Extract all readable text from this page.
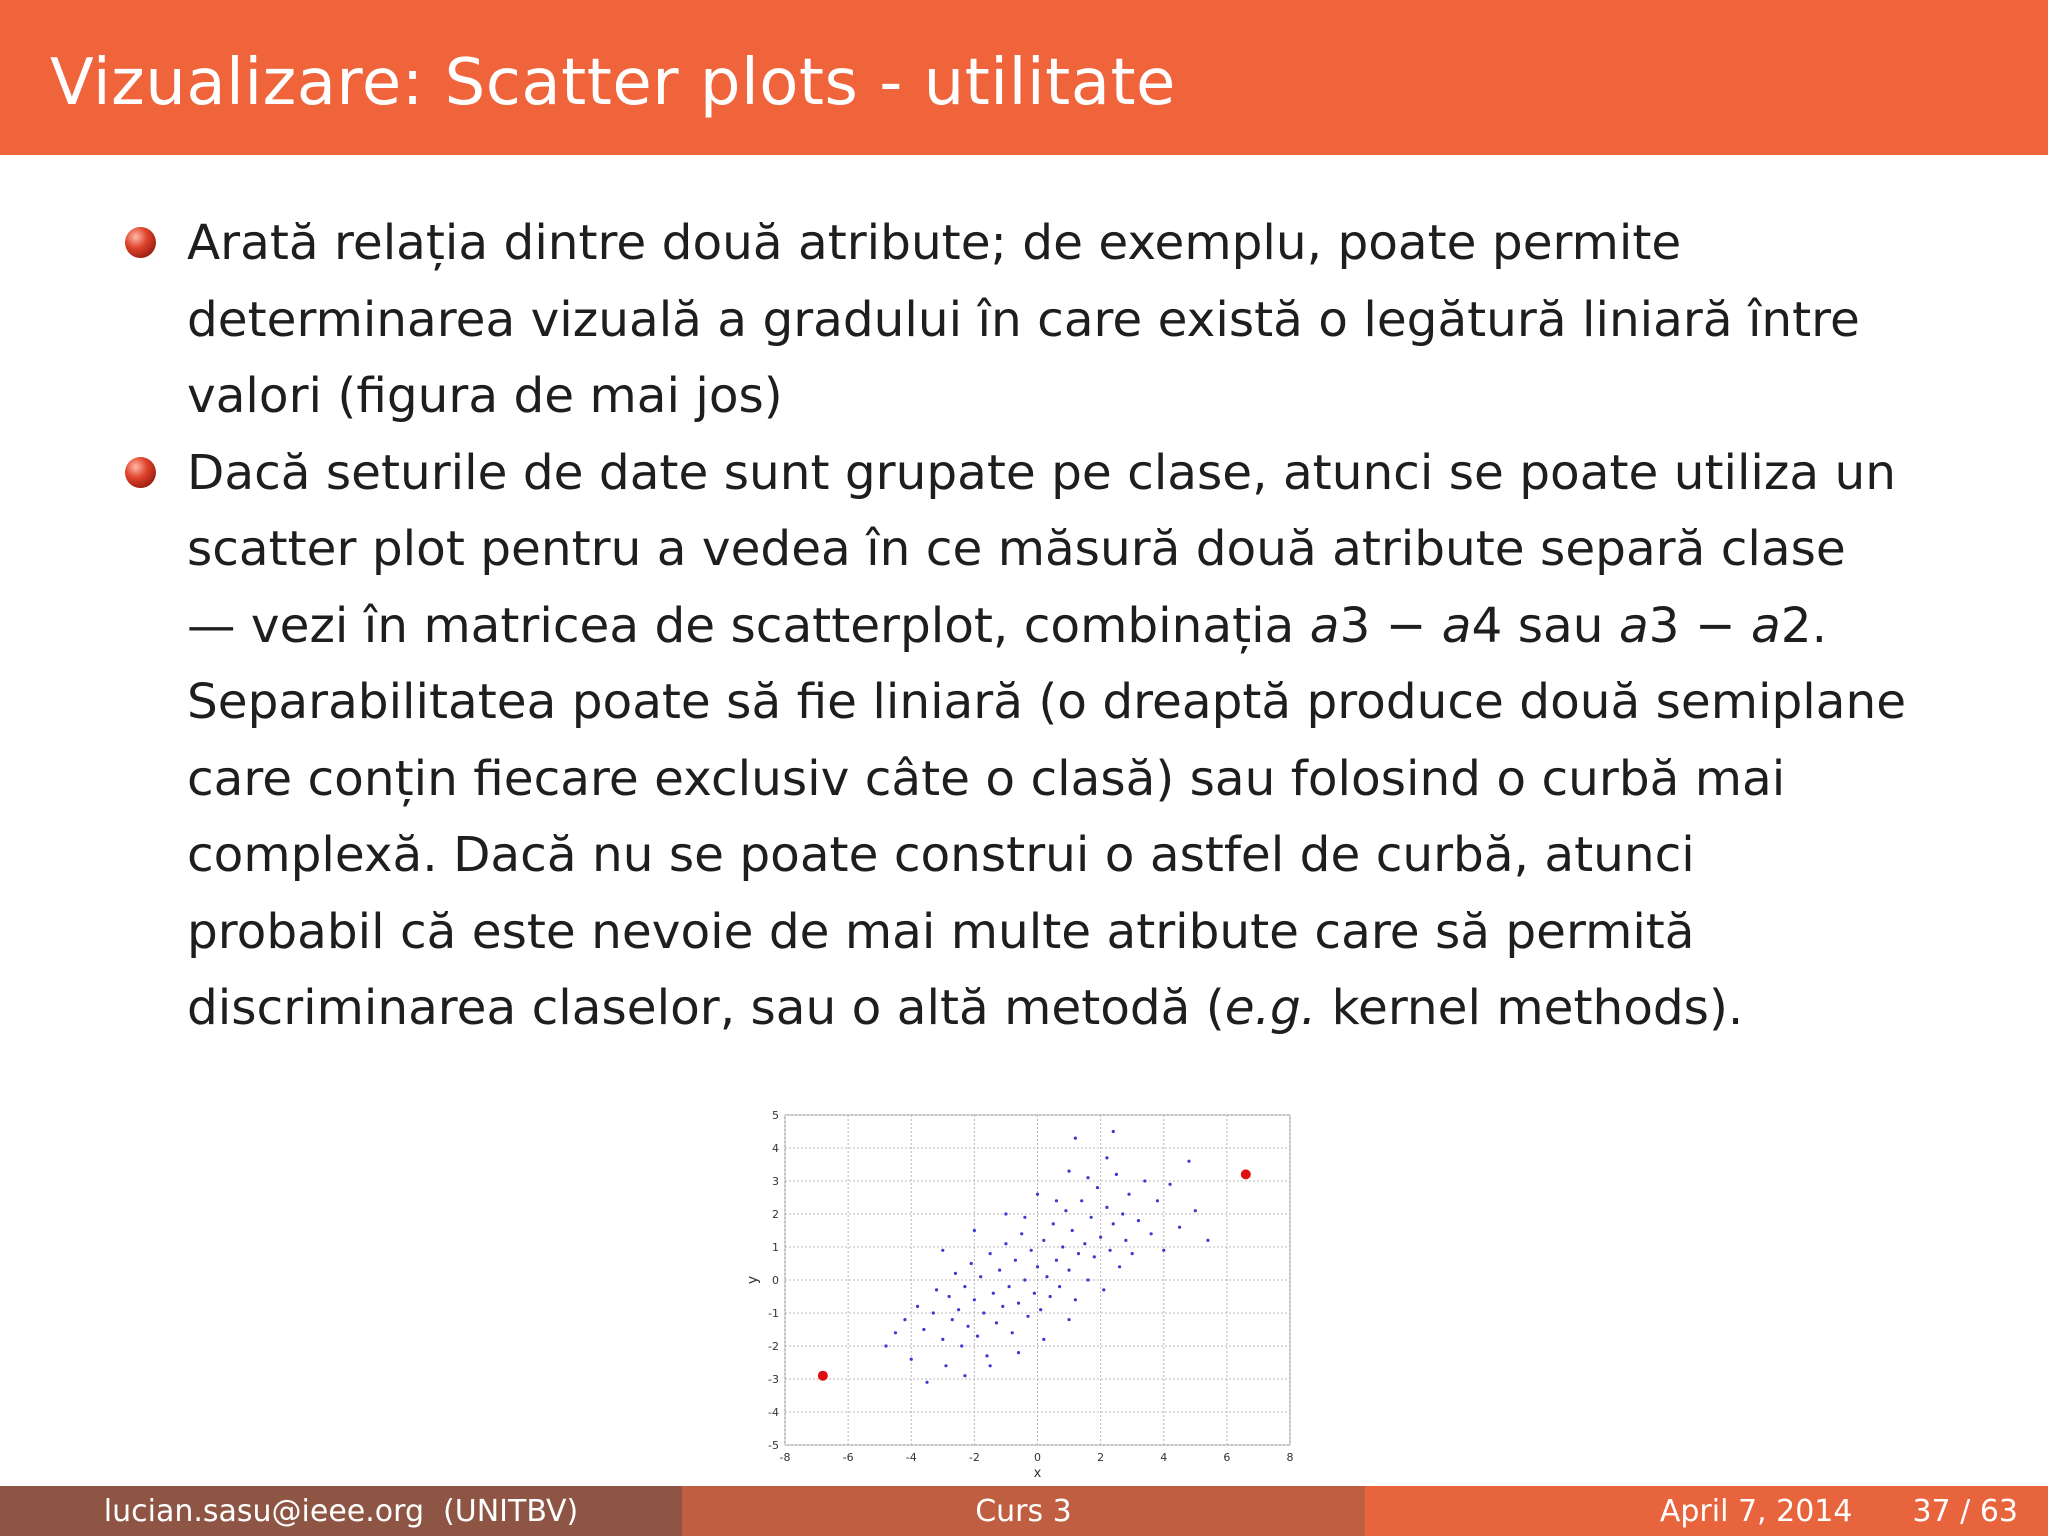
Vizualizare: Scatter plots - utilitate
Arată relația dintre două atribute; de exemplu, poate permite
determinarea vizuală a gradului în care există o legătură liniară între
valori (figura de mai jos)
Dacă seturile de date sunt grupate pe clase, atunci se poate utiliza un
scatter plot pentru a vedea în ce măsură două atribute separă clase
— vezi în matricea de scatterplot, combinația a3 − a4 sau a3 − a2.
Separabilitatea poate să fie liniară (o dreaptă produce două semiplane
care conțin fiecare exclusiv câte o clasă) sau folosind o curbă mai
complexă. Dacă nu se poate construi o astfel de curbă, atunci
probabil că este nevoie de mai multe atribute care să permită
discriminarea claselor, sau o altă metodă (e.g. kernel methods).
-8	-6	-4	-2	0	2	4	6	8
5
4
3
2
1
0
-1
-2
-3
-4
-5
x
y
lucian.sasu@ieee.org  (UNITBV)	Curs 3	April 7, 2014 37 / 63
